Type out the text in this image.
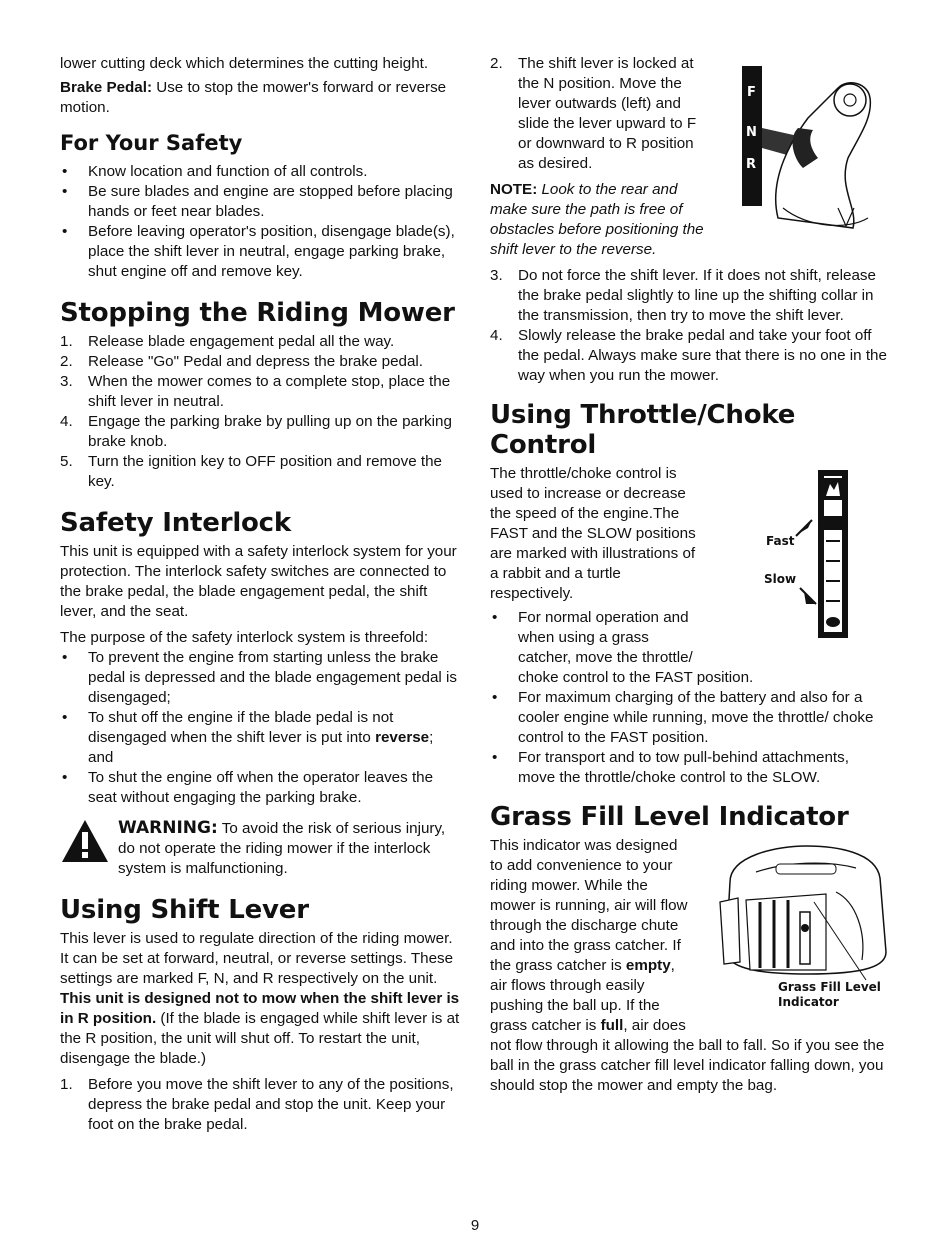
lower cutting deck which determines the cutting height.

Brake Pedal: Use to stop the mower's forward or reverse motion.

For Your Safety
•	Know location and function of all controls.
•	Be sure blades and engine are stopped before placing hands or feet near blades.
•	Before leaving operator's position, disengage blade(s), place the shift lever in neutral, engage parking brake, shut engine off and remove key.
Stopping the Riding Mower
1.	Release blade engagement pedal all the way.
2.	Release "Go" Pedal and depress the brake pedal.
3.	When the mower comes to a complete stop, place the shift lever in neutral.
4.	Engage the parking brake by pulling up on the parking brake knob.
5.	Turn the ignition key to OFF position and remove the key.
Safety Interlock

This unit is equipped with a safety interlock system for your protection. The interlock safety switches are connected to the brake pedal, the blade engagement pedal, the shift lever, and the seat.

The purpose of the safety interlock system is threefold:

•	To prevent the engine from starting unless the brake pedal is depressed and the blade engagement pedal is disengaged;
•	To shut off the engine if the blade pedal is not disengaged when the shift lever is put into reverse; and
•	To shut the engine off when the operator leaves the seat without engaging the parking brake.

WARNING: To avoid the risk of serious injury, do not operate the riding mower if the interlock system is malfunctioning.

Using Shift Lever

This lever is used to regulate direction of the riding mower. It can be set at forward, neutral, or reverse settings. These settings are marked F, N, and R respectively on the unit. This unit is designed not to mow when the shift lever is in R position. (If the blade is engaged while shift lever is at the R position, the unit will shut off. To restart the unit, disengage the blade.)

1.	Before you move the shift lever to any of the positions, depress the brake pedal and stop the unit. Keep your foot on the brake pedal.
2.	The shift lever is locked at
the N position. Move the
lever outwards (left) and
slide the lever upward to F
or downward to R position
as desired.

NOTE: Look to the rear and
make sure the path is free of
obstacles before positioning the
shift lever to the reverse.

3.	Do not force the shift lever. If it does not shift, release the brake pedal slightly to line up the shifting collar in the transmission, then try to move the shift lever.
4.	Slowly release the brake pedal and take your foot off the pedal. Always make sure that there is no one in the way when you run the mower.
Using Throttle/Choke Control

The throttle/choke control is
used to increase or decrease
the speed of the engine.The
FAST and the SLOW positions
are marked with illustrations of
a rabbit and a turtle
respectively.

•	For normal operation and
when using a grass
catcher, move the throttle/
choke control to the FAST position.
•	For maximum charging of the battery and also for a cooler engine while running, move the throttle/ choke control to the FAST position.
•	For transport and to tow pull-behind attachments, move the throttle/choke control to the SLOW.
Grass Fill Level Indicator

This indicator was designed
to add convenience to your
riding mower. While the
mower is running, air will flow
through the discharge chute
and into the grass catcher. If
the grass catcher is empty,
air flows through easily
pushing the ball up. If the
grass catcher is full, air does
not flow through it allowing the ball to fall. So if you see the ball in the grass catcher fill level indicator falling down, you should stop the mower and empty the bag.

F
N
R
Fast
Slow
Grass Fill Level
Indicator
9
